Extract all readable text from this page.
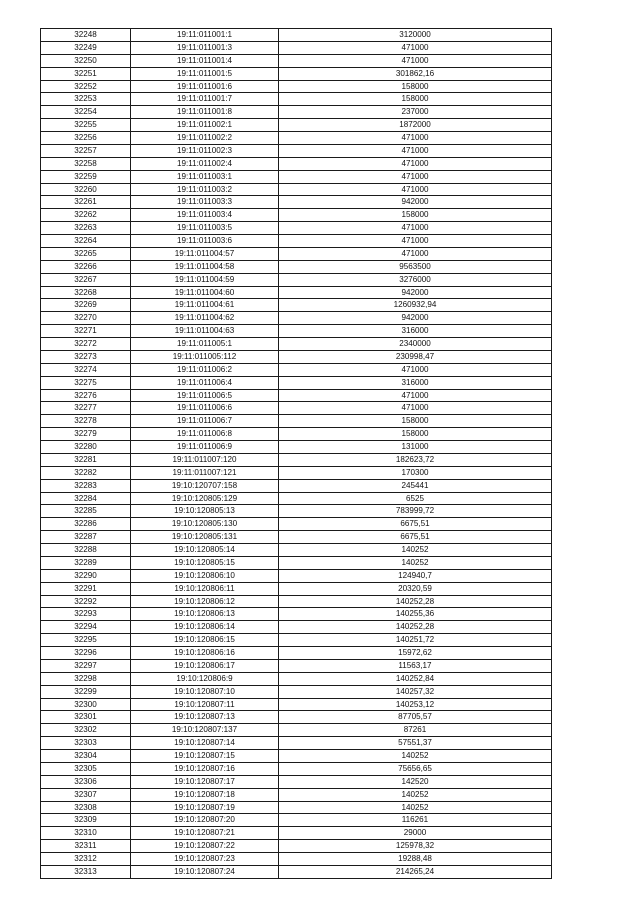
32248	19:11:011001:1	3120000
32249	19:11:011001:3	471000
32250	19:11:011001:4	471000
32251	19:11:011001:5	301862,16
32252	19:11:011001:6	158000
32253	19:11:011001:7	158000
32254	19:11:011001:8	237000
32255	19:11:011002:1	1872000
32256	19:11:011002:2	471000
32257	19:11:011002:3	471000
32258	19:11:011002:4	471000
32259	19:11:011003:1	471000
32260	19:11:011003:2	471000
32261	19:11:011003:3	942000
32262	19:11:011003:4	158000
32263	19:11:011003:5	471000
32264	19:11:011003:6	471000
32265	19:11:011004:57	471000
32266	19:11:011004:58	9563500
32267	19:11:011004:59	3276000
32268	19:11:011004:60	942000
32269	19:11:011004:61	1260932,94
32270	19:11:011004:62	942000
32271	19:11:011004:63	316000
32272	19:11:011005:1	2340000
32273	19:11:011005:112	230998,47
32274	19:11:011006:2	471000
32275	19:11:011006:4	316000
32276	19:11:011006:5	471000
32277	19:11:011006:6	471000
32278	19:11:011006:7	158000
32279	19:11:011006:8	158000
32280	19:11:011006:9	131000
32281	19:11:011007:120	182623,72
32282	19:11:011007:121	170300
32283	19:10:120707:158	245441
32284	19:10:120805:129	6525
32285	19:10:120805:13	783999,72
32286	19:10:120805:130	6675,51
32287	19:10:120805:131	6675,51
32288	19:10:120805:14	140252
32289	19:10:120805:15	140252
32290	19:10:120806:10	124940,7
32291	19:10:120806:11	20320,59
32292	19:10:120806:12	140252,28
32293	19:10:120806:13	140255,36
32294	19:10:120806:14	140252,28
32295	19:10:120806:15	140251,72
32296	19:10:120806:16	15972,62
32297	19:10:120806:17	11563,17
32298	19:10:120806:9	140252,84
32299	19:10:120807:10	140257,32
32300	19:10:120807:11	140253,12
32301	19:10:120807:13	87705,57
32302	19:10:120807:137	87261
32303	19:10:120807:14	57551,37
32304	19:10:120807:15	140252
32305	19:10:120807:16	75656,65
32306	19:10:120807:17	142520
32307	19:10:120807:18	140252
32308	19:10:120807:19	140252
32309	19:10:120807:20	116261
32310	19:10:120807:21	29000
32311	19:10:120807:22	125978,32
32312	19:10:120807:23	19288,48
32313	19:10:120807:24	214265,24
